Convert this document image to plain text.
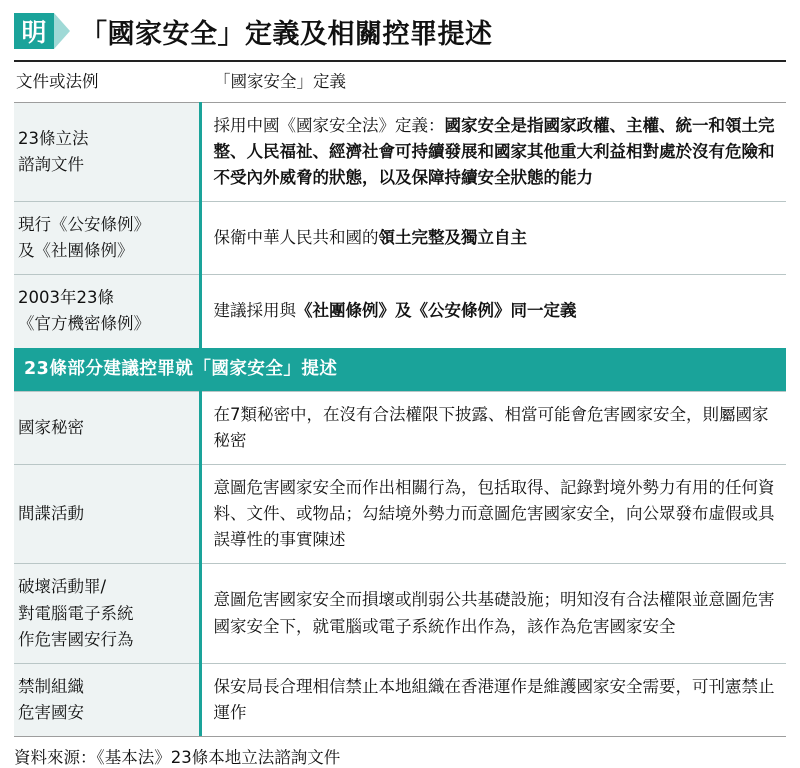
明 「國家安全」定義及相關控罪提述
文件或法例	「國家安全」定義

23條立法
諮詢文件	採用中國《國家安全法》定義：國家安全是指國家政權、主權、統一和領土完整、人民福祉、經濟社會可持續發展和國家其他重大利益相對處於沒有危險和不受內外威脅的狀態，以及保障持續安全狀態的能力

現行《公安條例》
及《社團條例》	保衛中華人民共和國的領土完整及獨立自主

2003年23條
《官方機密條例》	建議採用與《社團條例》及《公安條例》同一定義
23條部分建議控罪就「國家安全」提述	
國家秘密	在7類秘密中，在沒有合法權限下披露、相當可能會危害國家安全，則屬國家秘密
間諜活動	意圖危害國家安全而作出相關行為，包括取得、記錄對境外勢力有用的任何資料、文件、或物品；勾結境外勢力而意圖危害國家安全，向公眾發布虛假或具誤導性的事實陳述

破壞活動罪/
對電腦電子系統
作危害國安行為	意圖危害國家安全而損壞或削弱公共基礎設施；明知沒有合法權限並意圖危害國家安全下，就電腦或電子系統作出作為，該作為危害國家安全

禁制組織
危害國安	保安局長合理相信禁止本地組織在香港運作是維護國家安全需要，可刊憲禁止運作
資料來源：《基本法》23條本地立法諮詢文件
